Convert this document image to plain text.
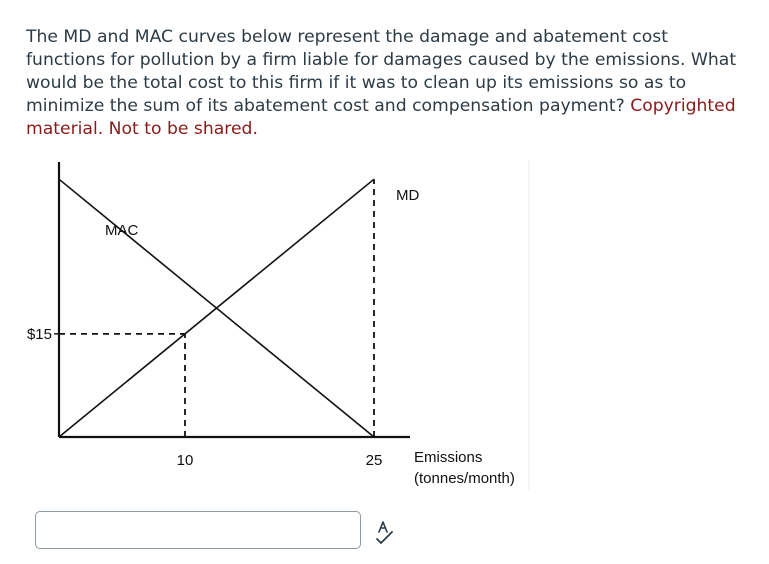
The MD and MAC curves below represent the damage and abatement cost functions for pollution by a firm liable for damages caused by the emissions. What would be the total cost to this firm if it was to clean up its emissions so as to minimize the sum of its abatement cost and compensation payment? Copyrighted material. Not to be shared.
MAC
MD
$15
10	25 Emissions
(tonnes/month)
